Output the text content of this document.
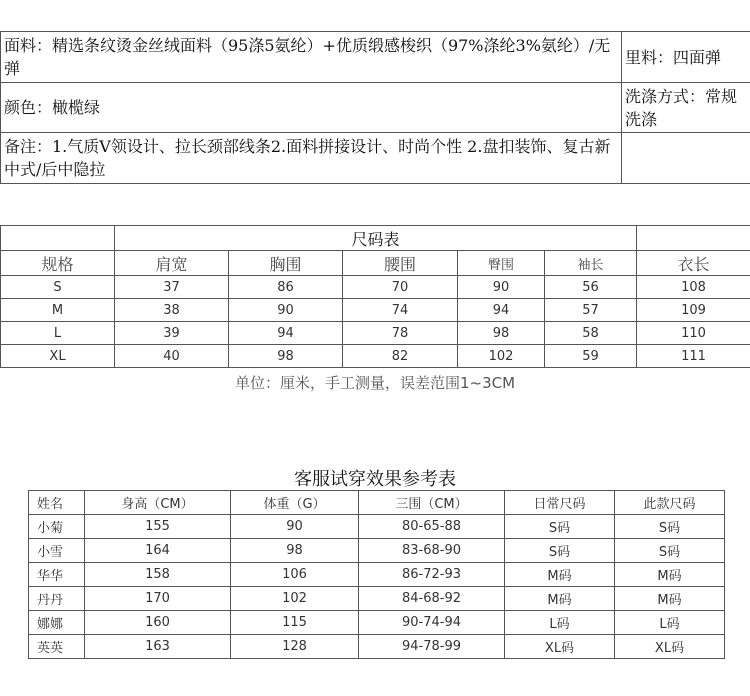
面料：精选条纹烫金丝绒面料（95涤5氨纶）+优质缎感梭织（97%涤纶3%氨纶）/无弹	里料：四面弹
颜色：橄榄绿	洗涤方式：常规洗涤
备注：1.气质V领设计、拉长颈部线条2.面料拼接设计、时尚个性 2.盘扣装饰、复古新中式/后中隐拉	
	尺码表					
规格	肩宽	胸围	腰围	臀围	袖长	衣长
S	37	86	70	90	56	108
M	38	90	74	94	57	109
L	39	94	78	98	58	110
XL	40	98	82	102	59	111
单位：厘米，手工测量，误差范围1~3CM
客服试穿效果参考表
姓名	身高（CM）	体重（G）	三围（CM）	日常尺码	此款尺码
小菊	155	90	80-65-88	S码	S码
小雪	164	98	83-68-90	S码	S码
华华	158	106	86-72-93	M码	M码
丹丹	170	102	84-68-92	M码	M码
娜娜	160	115	90-74-94	L码	L码
英英	163	128	94-78-99	XL码	XL码
